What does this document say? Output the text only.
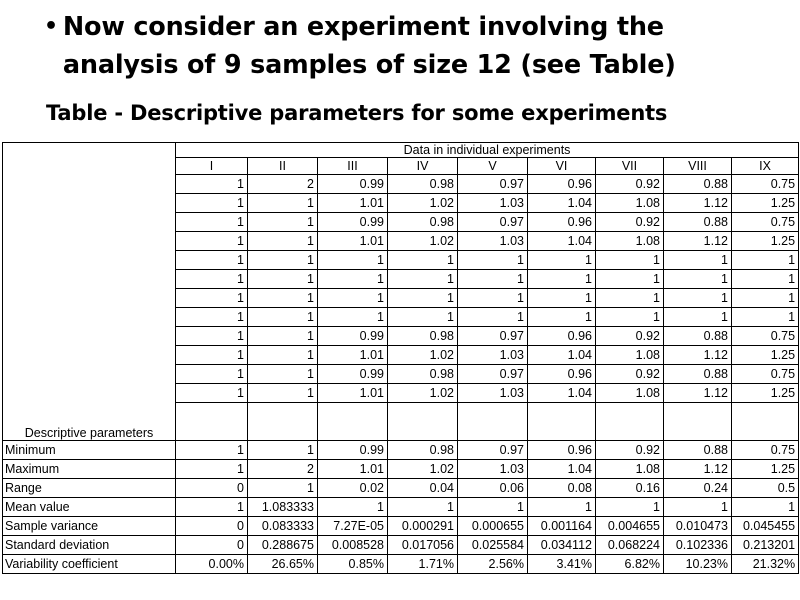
• Now consider an experiment involving the analysis of 9 samples of size 12 (see Table)
Table - Descriptive parameters for some experiments
Descriptive parameters	Data in individual experiments								
	I	II	III	IV	V	VI	VII	VIII	IX
	1	2	0.99	0.98	0.97	0.96	0.92	0.88	0.75
	1	1	1.01	1.02	1.03	1.04	1.08	1.12	1.25
	1	1	0.99	0.98	0.97	0.96	0.92	0.88	0.75
	1	1	1.01	1.02	1.03	1.04	1.08	1.12	1.25
	1	1	1	1	1	1	1	1	1
	1	1	1	1	1	1	1	1	1
	1	1	1	1	1	1	1	1	1
	1	1	1	1	1	1	1	1	1
	1	1	0.99	0.98	0.97	0.96	0.92	0.88	0.75
	1	1	1.01	1.02	1.03	1.04	1.08	1.12	1.25
	1	1	0.99	0.98	0.97	0.96	0.92	0.88	0.75
	1	1	1.01	1.02	1.03	1.04	1.08	1.12	1.25

Minimum	1	1	0.99	0.98	0.97	0.96	0.92	0.88	0.75
Maximum	1	2	1.01	1.02	1.03	1.04	1.08	1.12	1.25
Range	0	1	0.02	0.04	0.06	0.08	0.16	0.24	0.5
Mean value	1	1.083333	1	1	1	1	1	1	1
Sample variance	0	0.083333	7.27E-05	0.000291	0.000655	0.001164	0.004655	0.010473	0.045455
Standard deviation	0	0.288675	0.008528	0.017056	0.025584	0.034112	0.068224	0.102336	0.213201
Variability coefficient	0.00%	26.65%	0.85%	1.71%	2.56%	3.41%	6.82%	10.23%	21.32%
